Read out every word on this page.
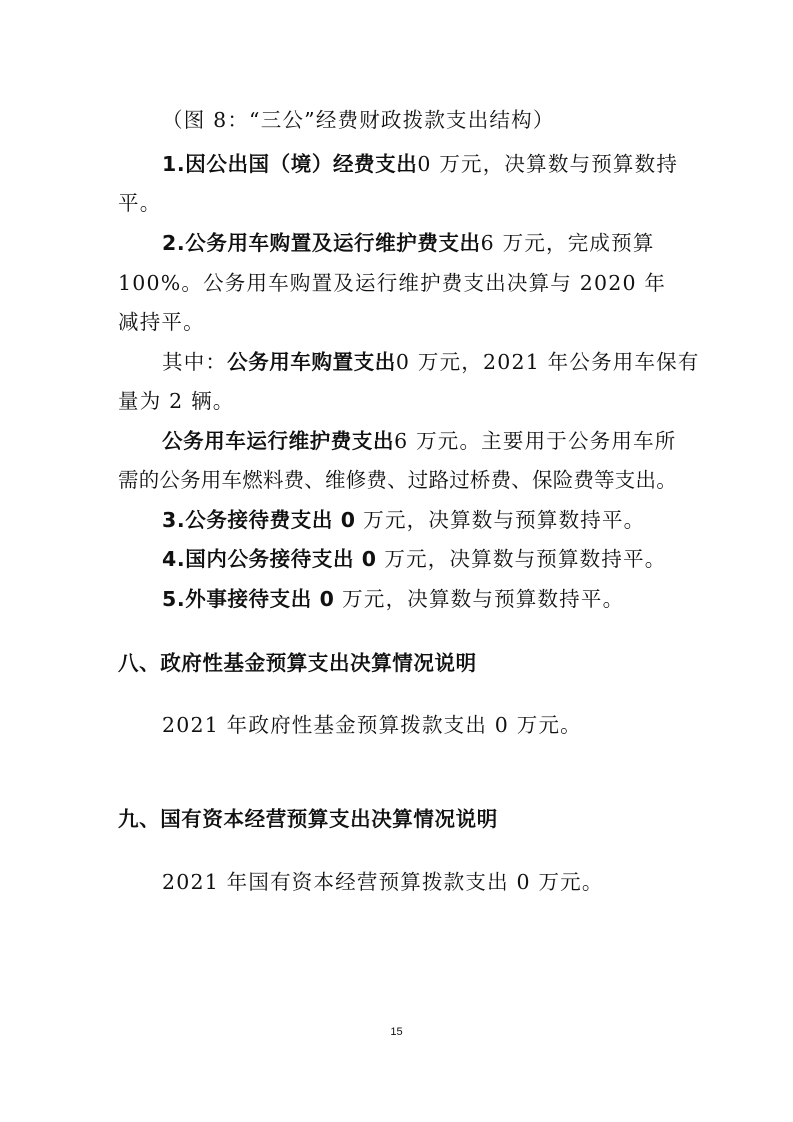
（图 8：“三公”经费财政拨款支出结构）
1.因公出国（境）经费支出0 万元，决算数与预算数持
平。
2.公务用车购置及运行维护费支出6 万元，完成预算
100%。公务用车购置及运行维护费支出决算与 2020 年
减持平。
其中：公务用车购置支出0 万元，2021 年公务用车保有
量为 2 辆。
公务用车运行维护费支出6 万元。主要用于公务用车所
需的公务用车燃料费、维修费、过路过桥费、保险费等支出。
3.公务接待费支出 0 万元，决算数与预算数持平。
4.国内公务接待支出 0 万元，决算数与预算数持平。
5.外事接待支出 0 万元，决算数与预算数持平。
八、政府性基金预算支出决算情况说明
2021 年政府性基金预算拨款支出 0 万元。
九、国有资本经营预算支出决算情况说明
2021 年国有资本经营预算拨款支出 0 万元。
15
